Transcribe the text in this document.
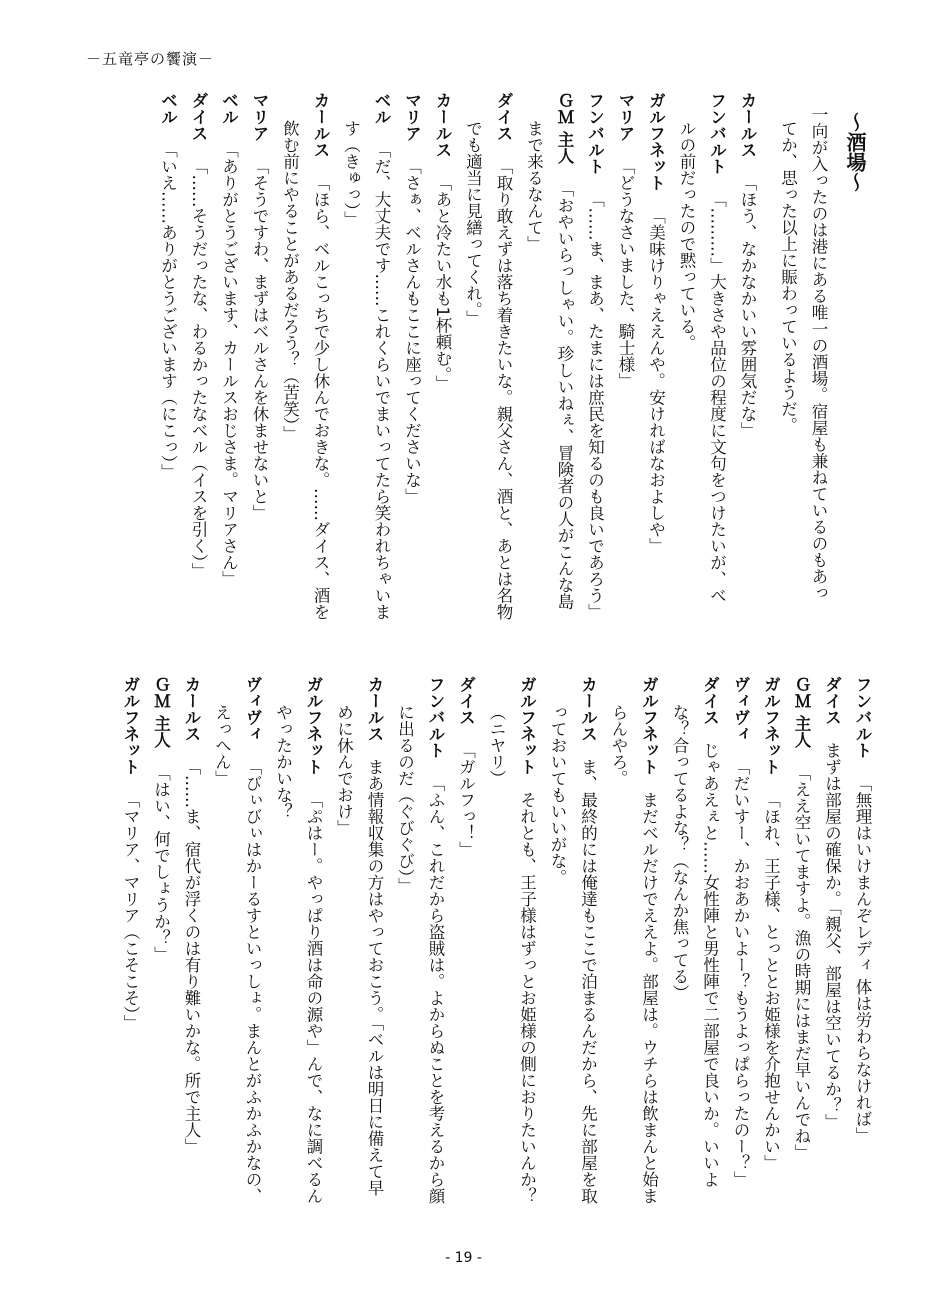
－五竜亭の饗演－
〜酒場〜
一向が入ったのは港にある唯一の酒場。宿屋も兼ねているのもあっ
てか、思った以上に賑わっているようだ。
カールス「ほう、なかなかいい雰囲気だな」
フンバルト「………」大きさや品位の程度に文句をつけたいが、べ
ルの前だったので黙っている。
ガルフネット「美味けりゃええんや。安ければなおよしや」
マリア「どうなさいました、騎士様」
フンバルト「……ま、まあ、たまには庶民を知るのも良いであろう」
ＧＭ 主人「おやいらっしゃい。珍しいねぇ、冒険者の人がこんな島
まで来るなんて」
ダイス「取り敢えずは落ち着きたいな。親父さん、酒と、あとは名物
でも適当に見繕ってくれ。」
カールス「あと冷たい水も1杯頼む。」
マリア「さぁ、ベルさんもここに座ってくださいな」
ベル「だ、大丈夫です……これくらいでまいってたら笑われちゃいま
す（きゅっ）」
カールス「ほら、ベルこっちで少し休んでおきな。……ダイス、酒を
飲む前にやることがあるだろう？（苦笑）」
マリア「そうですわ、まずはベルさんを休ませないと」
ベル「ありがとうございます、カールスおじさま。マリアさん」
ダイス「……そうだったな、わるかったなベル（イスを引く）」
ベル「いえ……ありがとうございます（にこっ）」
フンバルト「無理はいけまんぞレディ 体は労わらなければ」
ダイスまずは部屋の確保か。「親父、部屋は空いてるか？」
ＧＭ 主人「ええ空いてますよ。漁の時期にはまだ早いんでね」
ガルフネット「ほれ、王子様、とっととお姫様を介抱せんかい」
ヴィヴィ「だいすー、かおあかいよー？もうよっぱらったのー？」
ダイスじゃあえぇと……女性陣と男性陣で二部屋で良いか。いいよ
な？合ってるよな？（なんか焦ってる）
ガルフネットまだベルだけでええよ。部屋は。ウチらは飲まんと始ま
らんやろ。
カールスま、最終的には俺達もここで泊まるんだから、先に部屋を取
っておいてもいいがな。
ガルフネットそれとも、王子様はずっとお姫様の側におりたいんか？
（ニヤリ）
ダイス「ガルフっ！」
フンバルト「ふん、これだから盗賊は。よからぬことを考えるから顔
に出るのだ（ぐびぐび）」
カールスまあ情報収集の方はやっておこう。「ベルは明日に備えて早
めに休んでおけ」
ガルフネット「ぷはー。やっぱり酒は命の源や」んで、なに調べるん
やったかいな？
ヴィヴィ「びぃびぃはかーるすといっしょ。まんとがふかふかなの、
えっへん」
カールス「……ま、宿代が浮くのは有り難いかな。所で主人」
ＧＭ 主人「はい、何でしょうか？」
ガルフネット「マリア、マリア（こそこそ）」
- 19 -
